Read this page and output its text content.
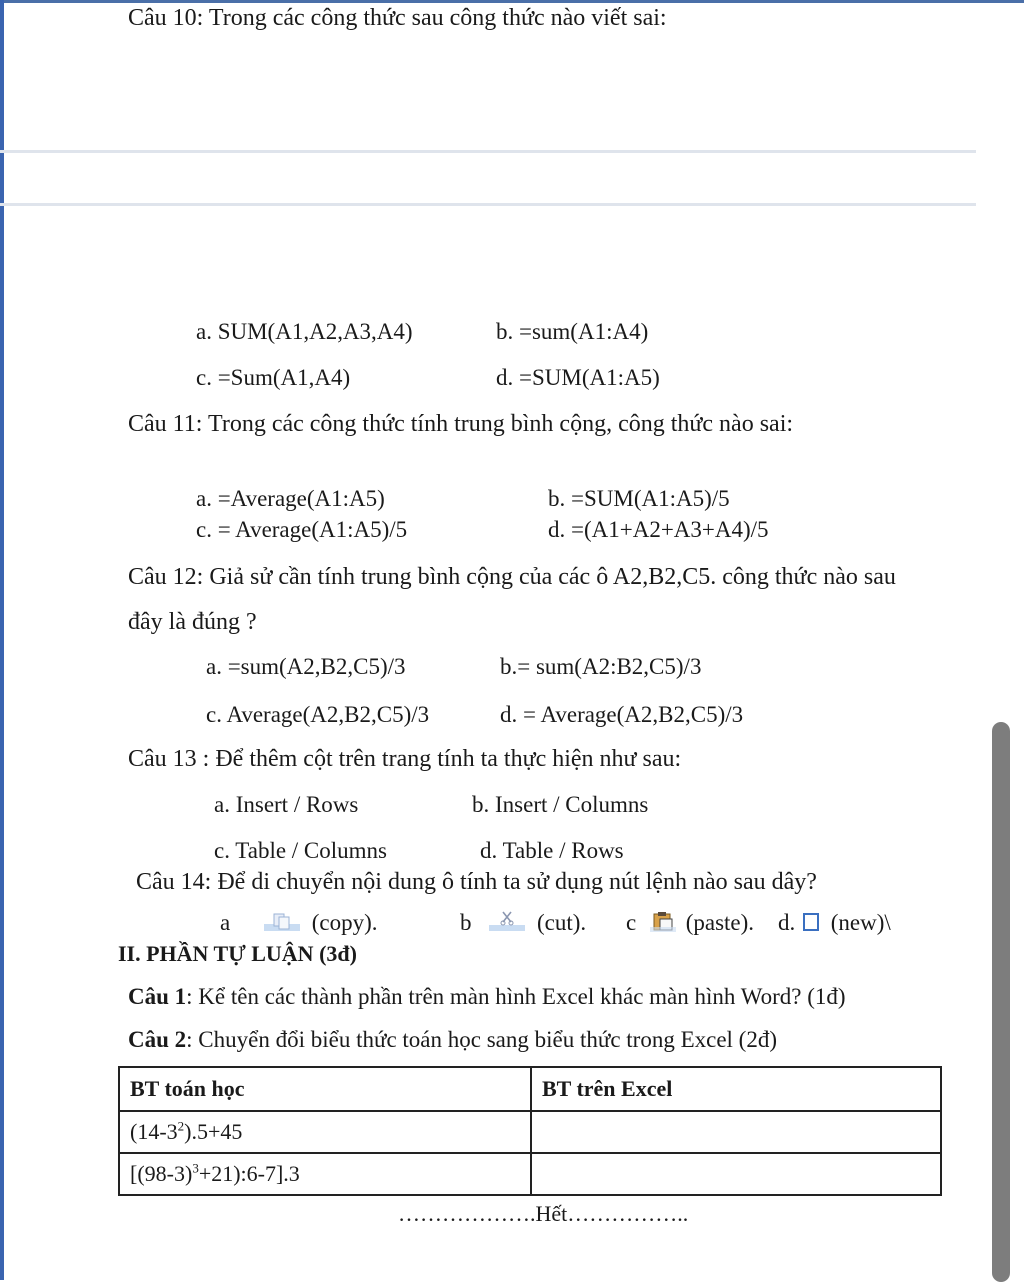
Câu 10: Trong các công thức sau công thức nào viết sai:
a. SUM(A1,A2,A3,A4)	b. =sum(A1:A4)
c. =Sum(A1,A4)	d. =SUM(A1:A5)
Câu 11: Trong các công thức tính trung bình cộng, công thức nào sai:
a. =Average(A1:A5)	b. =SUM(A1:A5)/5
c. = Average(A1:A5)/5	d. =(A1+A2+A3+A4)/5
Câu 12: Giả sử cần tính trung bình cộng của các ô A2,B2,C5. công thức nào sau
đây là đúng ?
a. =sum(A2,B2,C5)/3	b.= sum(A2:B2,C5)/3
c. Average(A2,B2,C5)/3	d. = Average(A2,B2,C5)/3
Câu 13 : Để thêm cột trên trang tính ta thực hiện như sau:
a. Insert / Rows	b. Insert / Columns
c. Table / Columns	d. Table / Rows
Câu 14: Để di chuyển nội dung ô tính ta sử dụng nút lệnh nào sau dây?
a	(copy).	b	(cut). c (paste). d. (new)\
II. PHẦN TỰ LUẬN (3đ)
Câu 1: Kể tên các thành phần trên màn hình Excel khác màn hình Word? (1đ)
Câu 2: Chuyển đổi biểu thức toán học sang biểu thức trong Excel (2đ)
BT toán học	BT trên Excel
$(14-3^2).5+45$	
$[(98-3)^3+21):6-7].3$	
……………….Hết……………..
